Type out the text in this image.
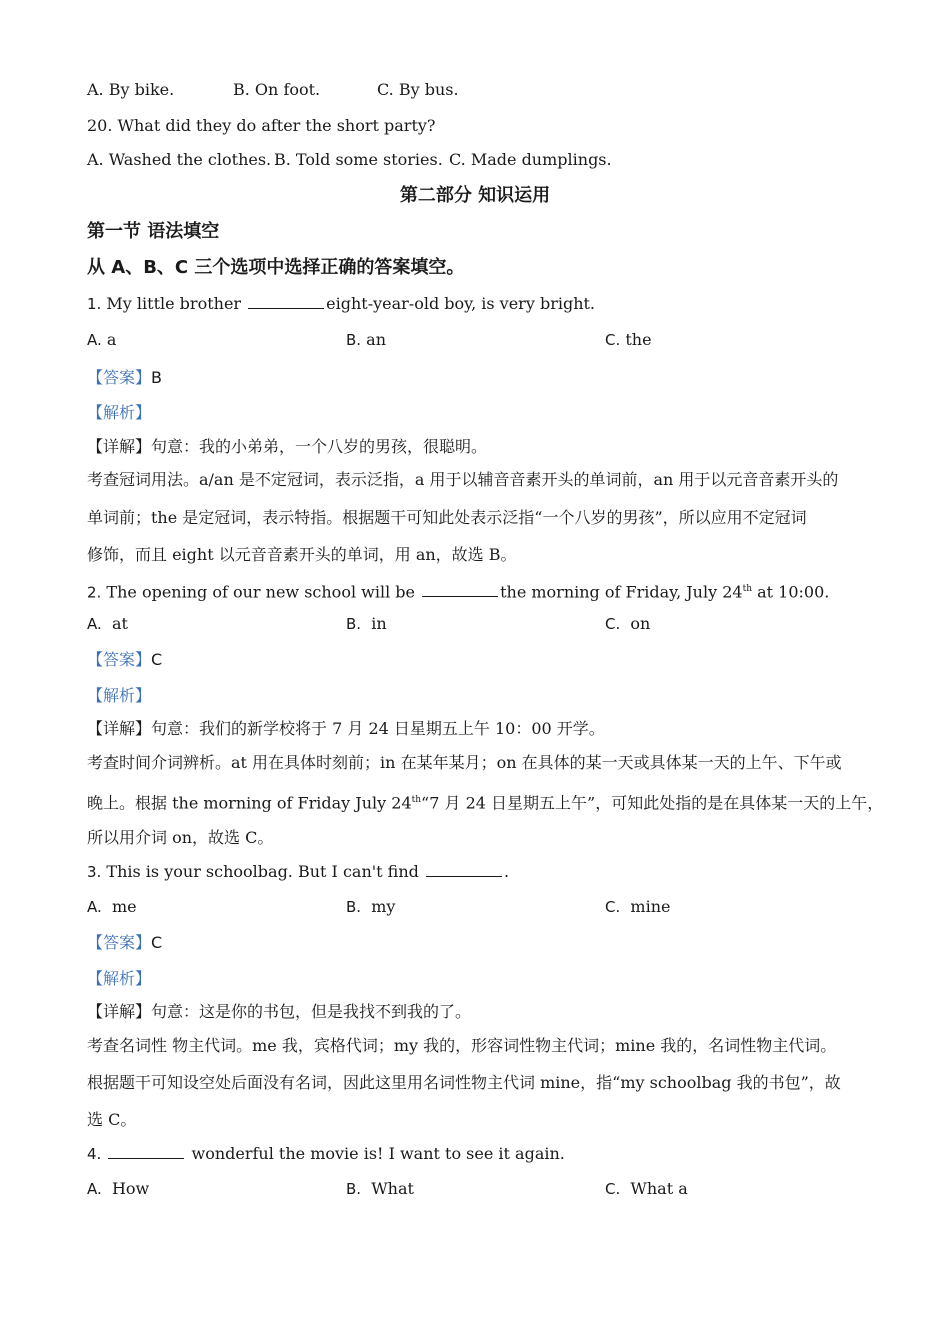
A. By bike.	B. On foot.	C. By bus.
20. What did they do after the short party?
A. Washed the clothes. B. Told some stories. C. Made dumplings.
第二部分 知识运用
第一节 语法填空
从 A、B、C 三个选项中选择正确的答案填空。
1. My little brother	eight-year-old boy, is very bright.
A. a	B. an	C. the
【答案】B
【解析】
【详解】句意：我的小弟弟，一个八岁的男孩，很聪明。
考查冠词用法。a/an 是不定冠词，表示泛指，a 用于以辅音音素开头的单词前，an 用于以元音音素开头的
单词前；the 是定冠词，表示特指。根据题干可知此处表示泛指“一个八岁的男孩”，所以应用不定冠词
修饰，而且 eight 以元音音素开头的单词，用 an，故选 B。
2. The opening of our new school will be	the morning of Friday, July 24th at 10:00.
A. at	B. in	C. on
【答案】C
【解析】
【详解】句意：我们的新学校将于 7 月 24 日星期五上午 10：00 开学。
考查时间介词辨析。at 用在具体时刻前；in 在某年某月；on 在具体的某一天或具体某一天的上午、下午或
晚上。根据 the morning of Friday July 24th“7 月 24 日星期五上午”，可知此处指的是在具体某一天的上午，
所以用介词 on，故选 C。
3. This is your schoolbag. But I can't find	.
A. me	B. my	C. mine
【答案】C
【解析】
【详解】句意：这是你的书包，但是我找不到我的了。
考查名词性 物主代词。me 我，宾格代词；my 我的，形容词性物主代词；mine 我的，名词性物主代词。
根据题干可知设空处后面没有名词，因此这里用名词性物主代词 mine，指“my schoolbag 我的书包”，故
选 C。
4.	wonderful the movie is! I want to see it again.
A. How	B. What	C. What a
